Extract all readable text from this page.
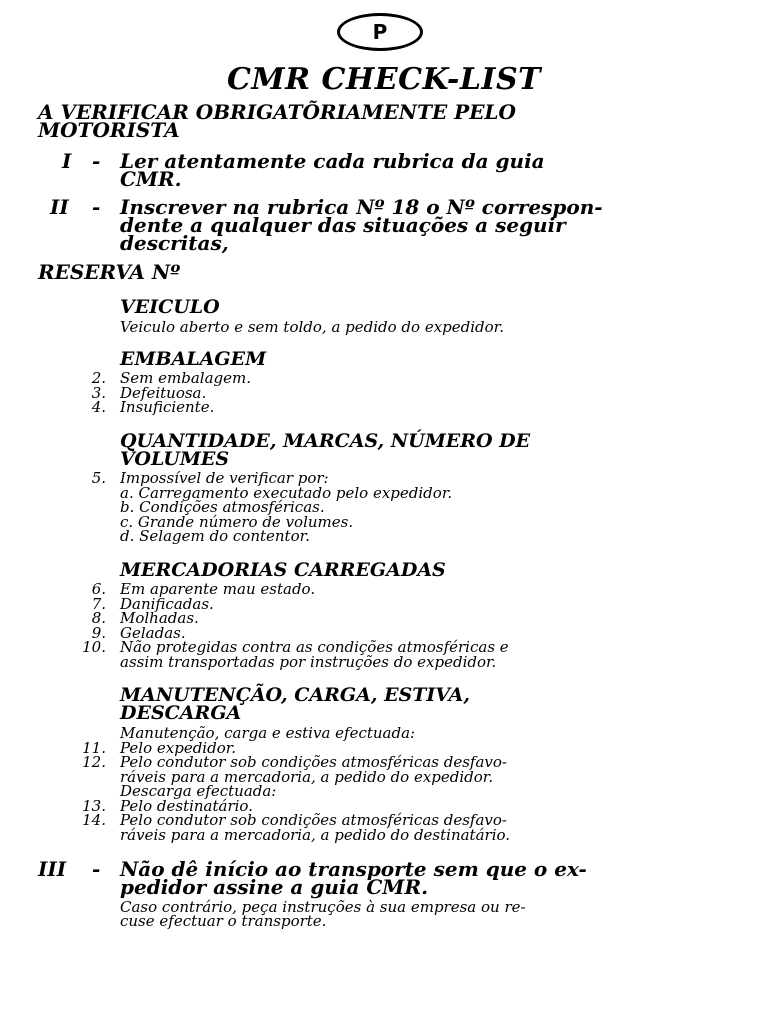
P
CMR CHECK-LIST
A VERIFICAR OBRIGATÕRIAMENTE PELO
MOTORISTA
I - Ler atentamente cada rubrica da guia
CMR.
II - Inscrever na rubrica Nº 18 o Nº correspon-
dente a qualquer das situações a seguir
descritas,
RESERVA Nº
VEICULO
Veiculo aberto e sem toldo, a pedido do expedidor.
EMBALAGEM
2. Sem embalagem.
3. Defeituosa.
4. Insuficiente.
QUANTIDADE, MARCAS, NÚMERO DE
VOLUMES
5. Impossível de verificar por:
a. Carregamento executado pelo expedidor.
b. Condições atmosféricas.
c. Grande número de volumes.
d. Selagem do contentor.
MERCADORIAS CARREGADAS
6. Em aparente mau estado.
7. Danificadas.
8. Molhadas.
9. Geladas.
10. Não protegidas contra as condições atmosféricas e
assim transportadas por instruções do expedidor.
MANUTENÇÃO, CARGA, ESTIVA,
DESCARGA
Manutenção, carga e estiva efectuada:
11. Pelo expedidor.
12. Pelo condutor sob condições atmosféricas desfavo-
ráveis para a mercadoria, a pedido do expedidor.
Descarga efectuada:
13. Pelo destinatário.
14. Pelo condutor sob condições atmosféricas desfavo-
ráveis para a mercadoria, a pedido do destinatário.
III - Não dê início ao transporte sem que o ex-
pedidor assine a guia CMR.
Caso contrário, peça instruções à sua empresa ou re-
cuse efectuar o transporte.
